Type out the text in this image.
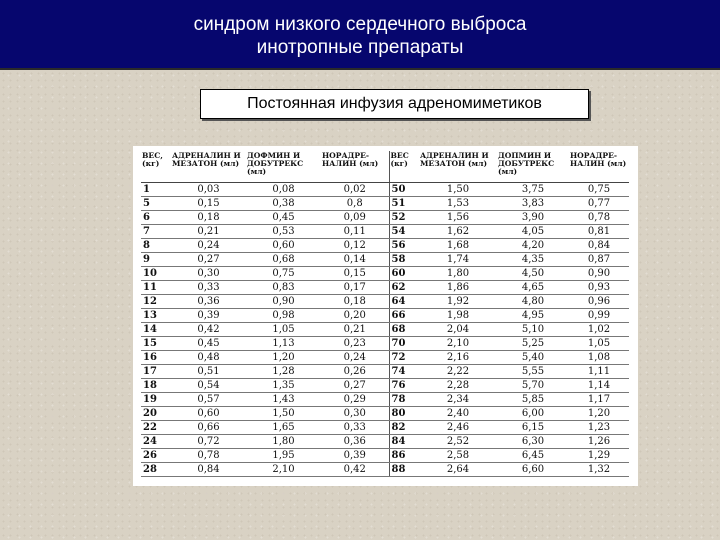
синдром низкого сердечного выброса
инотропные препараты
Постоянная инфузия адреномиметиков
ВЕС, (кг)	АДРЕНАЛИН И МЕЗАТОН (мл)	ДОФМИН И ДОБУТРЕКС (мл)	НОРАДРЕ-НАЛИН (мл)	ВЕС (кг)	АДРЕНАЛИН И МЕЗАТОН (мл)	ДОПМИН И ДОБУТРЕКС (мл)	НОРАДРЕ-НАЛИН (мл)
1	0,03	0,08	0,02	50	1,50	3,75	0,75
5	0,15	0,38	0,8	51	1,53	3,83	0,77
6	0,18	0,45	0,09	52	1,56	3,90	0,78
7	0,21	0,53	0,11	54	1,62	4,05	0,81
8	0,24	0,60	0,12	56	1,68	4,20	0,84
9	0,27	0,68	0,14	58	1,74	4,35	0,87
10	0,30	0,75	0,15	60	1,80	4,50	0,90
11	0,33	0,83	0,17	62	1,86	4,65	0,93
12	0,36	0,90	0,18	64	1,92	4,80	0,96
13	0,39	0,98	0,20	66	1,98	4,95	0,99
14	0,42	1,05	0,21	68	2,04	5,10	1,02
15	0,45	1,13	0,23	70	2,10	5,25	1,05
16	0,48	1,20	0,24	72	2,16	5,40	1,08
17	0,51	1,28	0,26	74	2,22	5,55	1,11
18	0,54	1,35	0,27	76	2,28	5,70	1,14
19	0,57	1,43	0,29	78	2,34	5,85	1,17
20	0,60	1,50	0,30	80	2,40	6,00	1,20
22	0,66	1,65	0,33	82	2,46	6,15	1,23
24	0,72	1,80	0,36	84	2,52	6,30	1,26
26	0,78	1,95	0,39	86	2,58	6,45	1,29
28	0,84	2,10	0,42	88	2,64	6,60	1,32
